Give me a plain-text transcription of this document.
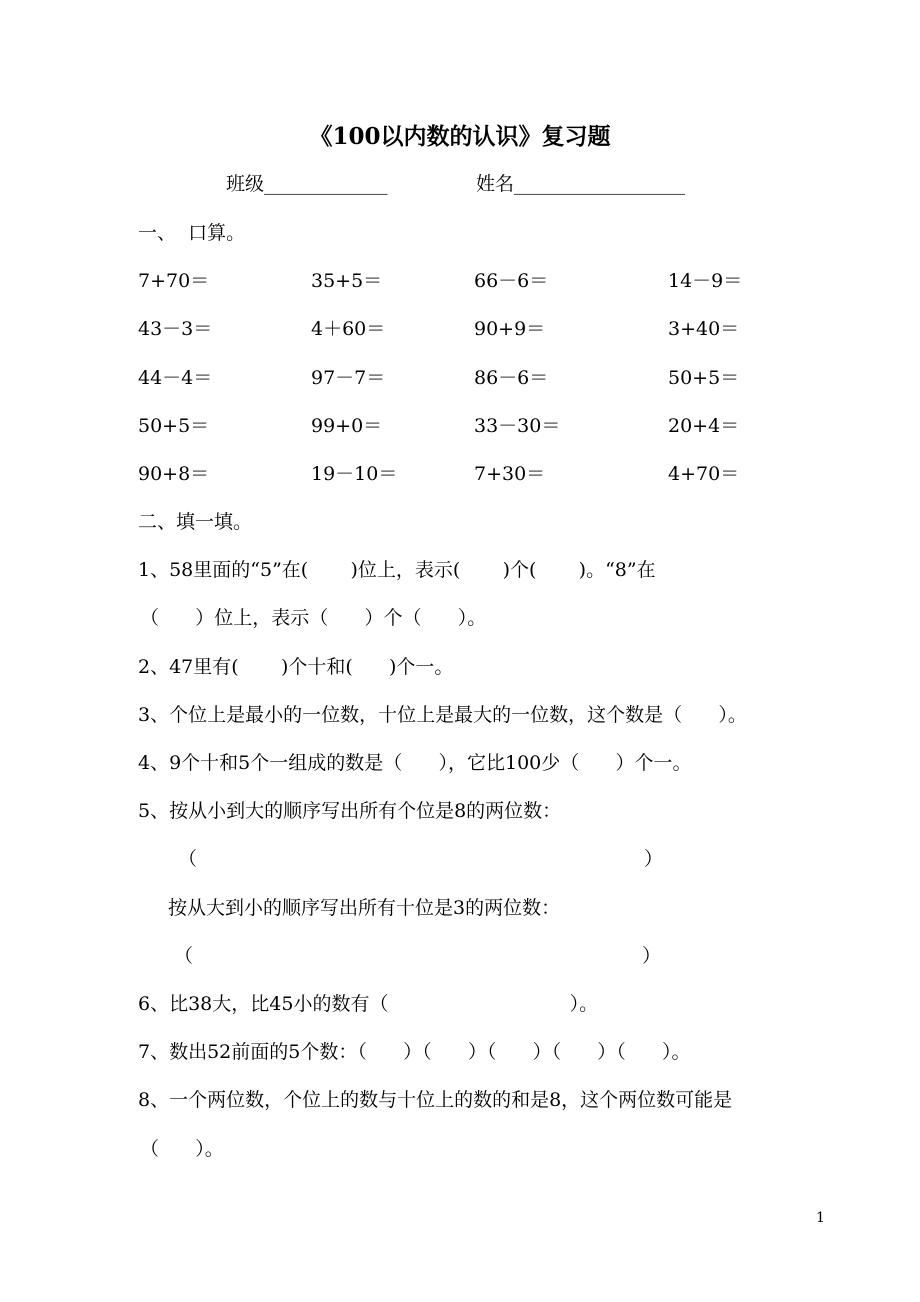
《100以内数的认识》复习题
班级_____________	姓名__________________
一、  口算。
7+70＝	35+5＝	66－6＝	14－9＝
43－3＝	4＋60＝	90+9＝	3+40＝
44－4＝	97－7＝	86－6＝	50+5＝
50+5＝	99+0＝	33－30＝	20+4＝
90+8＝	19－10＝	7+30＝	4+70＝
二、填一填。
1、58里面的“5”在(       )位上，表示(       )个(       )。“8”在
（      ）位上，表示（      ）个（      ）。
2、47里有(       )个十和(      )个一。
3、个位上是最小的一位数，十位上是最大的一位数，这个数是（      ）。
4、9个十和5个一组成的数是（      ），它比100少（      ）个一。
5、按从小到大的顺序写出所有个位是8的两位数：
（	）
按从大到小的顺序写出所有十位是3的两位数：
（	）
6、比38大，比45小的数有（                              ）。
7、数出52前面的5个数：（      ）（      ）（      ）（      ）（      ）。
8、一个两位数，个位上的数与十位上的数的和是8，这个两位数可能是
（      ）。
1
